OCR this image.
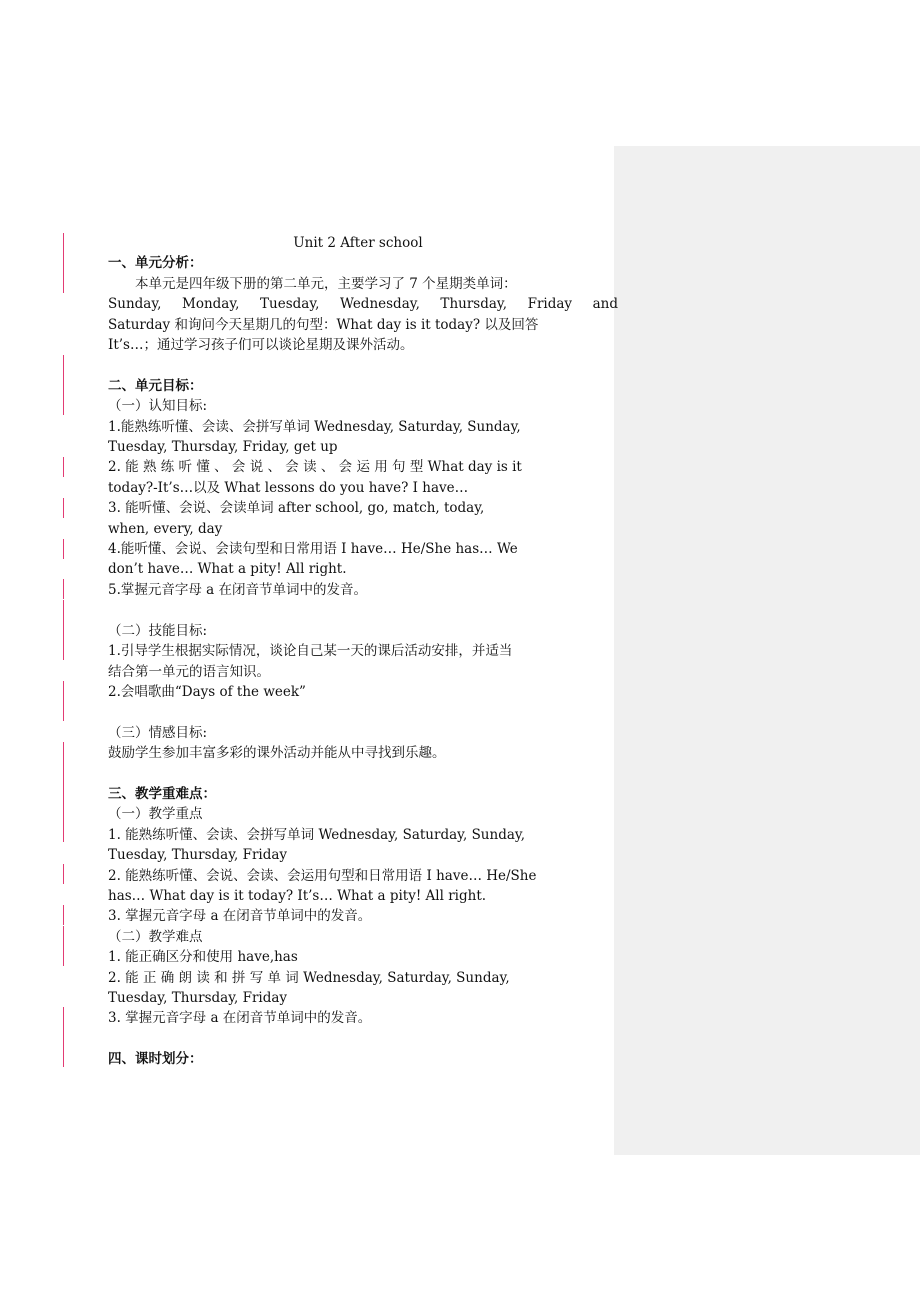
Unit 2 After school

一、单元分析：

本单元是四年级下册的第二单元，主要学习了 7 个星期类单词：

Sunday, Monday, Tuesday, Wednesday, Thursday, Friday and

Saturday 和询问今天星期几的句型：What day is it today? 以及回答

It’s…；通过学习孩子们可以谈论星期及课外活动。

二、单元目标：

（一）认知目标:

1.能熟练听懂、会读、会拼写单词 Wednesday, Saturday, Sunday,

Tuesday, Thursday, Friday, get up

2. 能 熟 练 听 懂 、 会 说 、 会 读 、 会 运 用 句 型 What day is it

today?-It’s…以及 What lessons do you have? I have…

3. 能听懂、会说、会读单词 after school, go, match, today,

when, every, day

4.能听懂、会说、会读句型和日常用语 I have… He/She has… We

don’t have… What a pity! All right.

5.掌握元音字母 a 在闭音节单词中的发音。

（二）技能目标:

1.引导学生根据实际情况，谈论自己某一天的课后活动安排，并适当

结合第一单元的语言知识。

2.会唱歌曲“Days of the week”

（三）情感目标:

鼓励学生参加丰富多彩的课外活动并能从中寻找到乐趣。

三、教学重难点：

（一）教学重点

1. 能熟练听懂、会读、会拼写单词 Wednesday, Saturday, Sunday,

Tuesday, Thursday, Friday

2. 能熟练听懂、会说、会读、会运用句型和日常用语 I have… He/She

has… What day is it today? It’s… What a pity! All right.

3. 掌握元音字母 a 在闭音节单词中的发音。

（二）教学难点

1. 能正确区分和使用 have,has

2. 能 正 确 朗 读 和 拼 写 单 词 Wednesday, Saturday, Sunday,

Tuesday, Thursday, Friday

3. 掌握元音字母 a 在闭音节单词中的发音。

四、课时划分：
